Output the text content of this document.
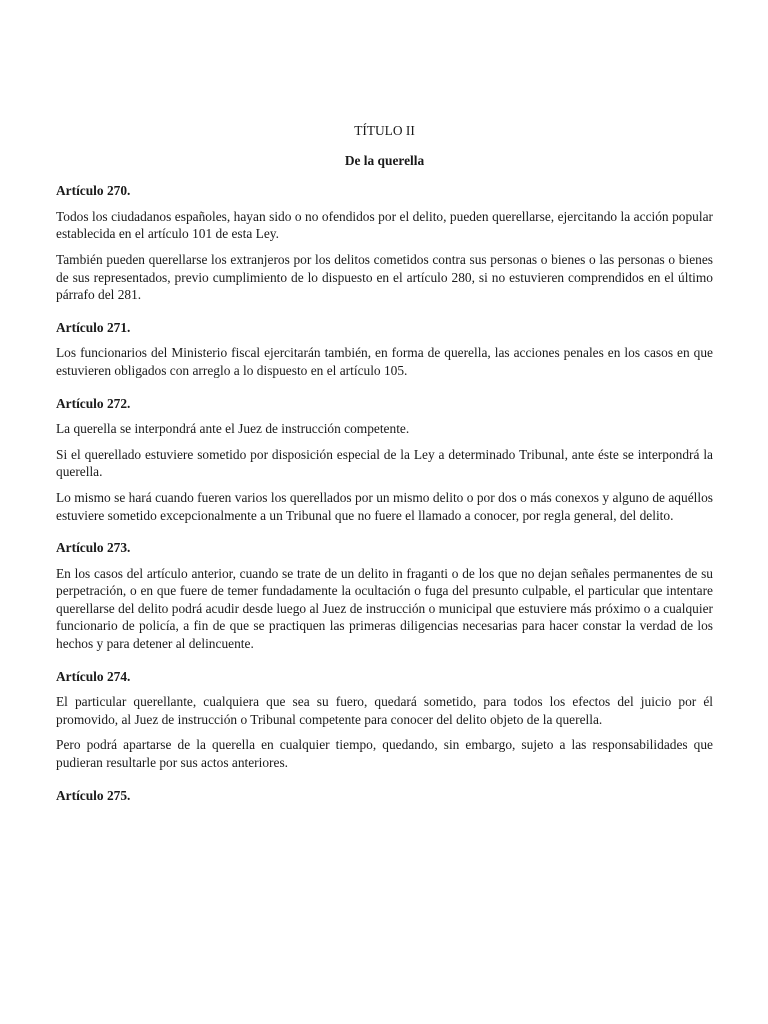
TÍTULO II
De la querella
Artículo 270.

Todos los ciudadanos españoles, hayan sido o no ofendidos por el delito, pueden querellarse, ejercitando la acción popular establecida en el artículo 101 de esta Ley.

También pueden querellarse los extranjeros por los delitos cometidos contra sus personas o bienes o las personas o bienes de sus representados, previo cumplimiento de lo dispuesto en el artículo 280, si no estuvieren comprendidos en el último párrafo del 281.

Artículo 271.

Los funcionarios del Ministerio fiscal ejercitarán también, en forma de querella, las acciones penales en los casos en que estuvieren obligados con arreglo a lo dispuesto en el artículo 105.

Artículo 272.

La querella se interpondrá ante el Juez de instrucción competente.

Si el querellado estuviere sometido por disposición especial de la Ley a determinado Tribunal, ante éste se interpondrá la querella.

Lo mismo se hará cuando fueren varios los querellados por un mismo delito o por dos o más conexos y alguno de aquéllos estuviere sometido excepcionalmente a un Tribunal que no fuere el llamado a conocer, por regla general, del delito.

Artículo 273.

En los casos del artículo anterior, cuando se trate de un delito in fraganti o de los que no dejan señales permanentes de su perpetración, o en que fuere de temer fundadamente la ocultación o fuga del presunto culpable, el particular que intentare querellarse del delito podrá acudir desde luego al Juez de instrucción o municipal que estuviere más próximo o a cualquier funcionario de policía, a fin de que se practiquen las primeras diligencias necesarias para hacer constar la verdad de los hechos y para detener al delincuente.

Artículo 274.

El particular querellante, cualquiera que sea su fuero, quedará sometido, para todos los efectos del juicio por él promovido, al Juez de instrucción o Tribunal competente para conocer del delito objeto de la querella.

Pero podrá apartarse de la querella en cualquier tiempo, quedando, sin embargo, sujeto a las responsabilidades que pudieran resultarle por sus actos anteriores.

Artículo 275.
